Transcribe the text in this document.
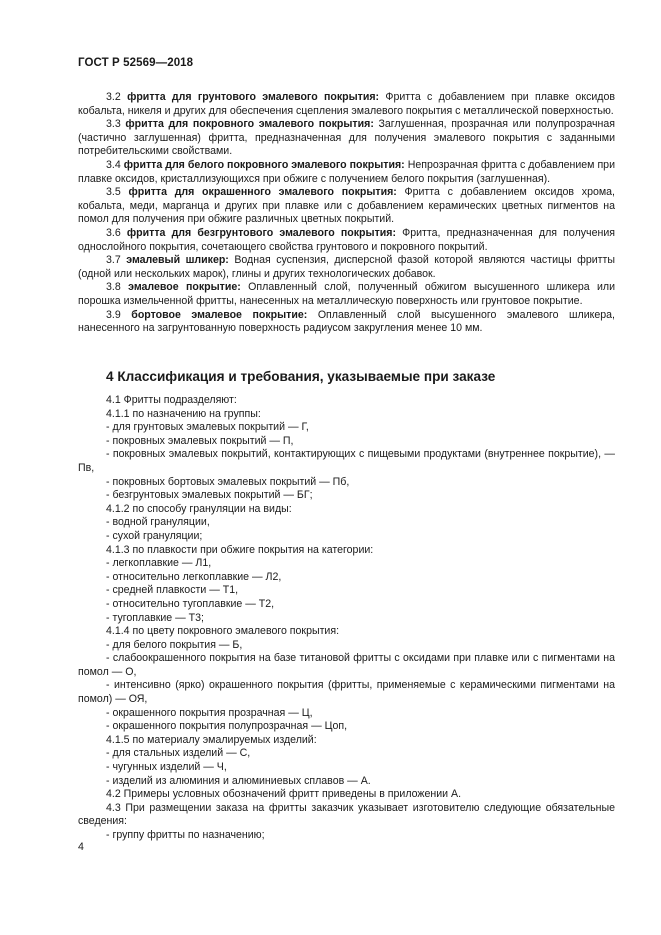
ГОСТ Р 52569—2018

3.2 фритта для грунтового эмалевого покрытия: Фритта с добавлением при плавке оксидов кобальта, никеля и других для обеспечения сцепления эмалевого покрытия с металлической поверхностью.

3.3 фритта для покровного эмалевого покрытия: Заглушенная, прозрачная или полупрозрачная (частично заглушенная) фритта, предназначенная для получения эмалевого покрытия с заданными потребительскими свойствами.

3.4 фритта для белого покровного эмалевого покрытия: Непрозрачная фритта с добавлением при плавке оксидов, кристаллизующихся при обжиге с получением белого покрытия (заглушенная).

3.5 фритта для окрашенного эмалевого покрытия: Фритта с добавлением оксидов хрома, кобальта, меди, марганца и других при плавке или с добавлением керамических цветных пигментов на помол для получения при обжиге различных цветных покрытий.

3.6 фритта для безгрунтового эмалевого покрытия: Фритта, предназначенная для получения однослойного покрытия, сочетающего свойства грунтового и покровного покрытий.

3.7 эмалевый шликер: Водная суспензия, дисперсной фазой которой являются частицы фритты (одной или нескольких марок), глины и других технологических добавок.

3.8 эмалевое покрытие: Оплавленный слой, полученный обжигом высушенного шликера или порошка измельченной фритты, нанесенных на металлическую поверхность или грунтовое покрытие.

3.9 бортовое эмалевое покрытие: Оплавленный слой высушенного эмалевого шликера, нанесенного на загрунтованную поверхность радиусом закругления менее 10 мм.

4 Классификация и требования, указываемые при заказе

4.1 Фритты подразделяют:

4.1.1 по назначению на группы:

- для грунтовых эмалевых покрытий — Г,

- покровных эмалевых покрытий — П,

- покровных эмалевых покрытий, контактирующих с пищевыми продуктами (внутреннее покрытие), — Пв,

- покровных бортовых эмалевых покрытий — Пб,

- безгрунтовых эмалевых покрытий — БГ;

4.1.2 по способу грануляции на виды:

- водной грануляции,

- сухой грануляции;

4.1.3 по плавкости при обжиге покрытия на категории:

- легкоплавкие — Л1,

- относительно легкоплавкие — Л2,

- средней плавкости — Т1,

- относительно тугоплавкие — Т2,

- тугоплавкие — Т3;

4.1.4 по цвету покровного эмалевого покрытия:

- для белого покрытия — Б,

- слабоокрашенного покрытия на базе титановой фритты с оксидами при плавке или с пигментами на помол — О,

- интенсивно (ярко) окрашенного покрытия (фритты, применяемые с керамическими пигментами на помол) — ОЯ,

- окрашенного покрытия прозрачная — Ц,

- окрашенного покрытия полупрозрачная — Цоп,

4.1.5 по материалу эмалируемых изделий:

- для стальных изделий — С,

- чугунных изделий — Ч,

- изделий из алюминия и алюминиевых сплавов — А.

4.2 Примеры условных обозначений фритт приведены в приложении А.

4.3 При размещении заказа на фритты заказчик указывает изготовителю следующие обязательные сведения:

- группу фритты по назначению;

4
